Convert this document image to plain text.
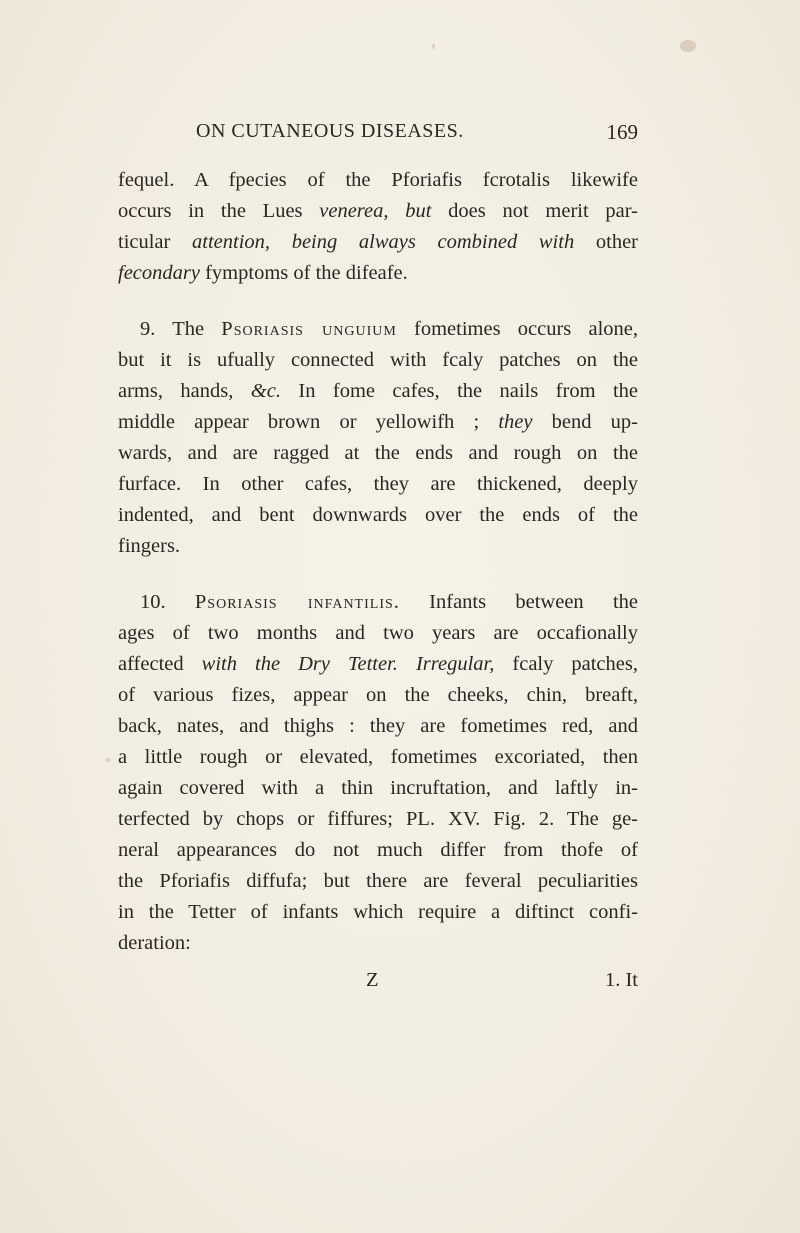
ON CUTANEOUS DISEASES.	169
fequel. A fpecies of the Pforiafis fcrotalis likewife
occurs in the Lues venerea, but does not merit par-
ticular attention, being always combined with other
fecondary fymptoms of the difeafe.
9. The Psoriasis unguium fometimes occurs alone,
but it is ufually connected with fcaly patches on the
arms, hands, &c. In fome cafes, the nails from the
middle appear brown or yellowifh ; they bend up-
wards, and are ragged at the ends and rough on the
furface. In other cafes, they are thickened, deeply
indented, and bent downwards over the ends of the
fingers.
10. Psoriasis infantilis. Infants between the
ages of two months and two years are occafionally
affected with the Dry Tetter. Irregular, fcaly patches,
of various fizes, appear on the cheeks, chin, breaft,
back, nates, and thighs : they are fometimes red, and
a little rough or elevated, fometimes excoriated, then
again covered with a thin incruftation, and laftly in-
terfected by chops or fiffures; PL. XV. Fig. 2. The ge-
neral appearances do not much differ from thofe of
the Pforiafis diffufa; but there are feveral peculiarities
in the Tetter of infants which require a diftinct confi-
deration:
Z	1. It
